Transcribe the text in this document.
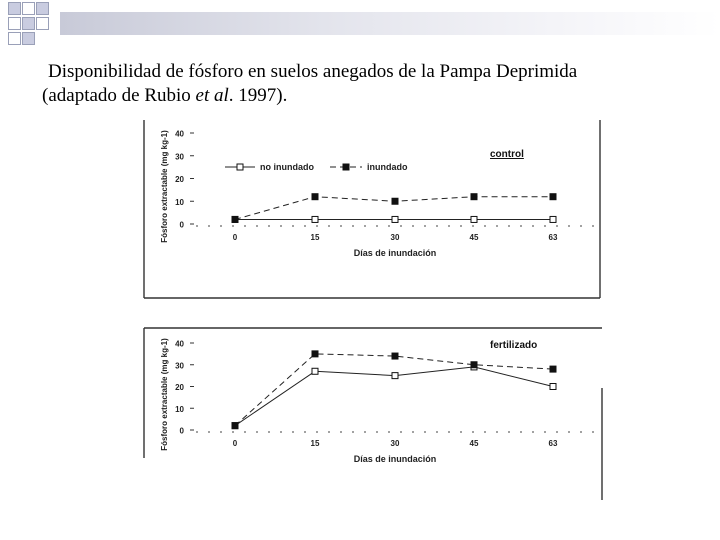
Disponibilidad de fósforo en suelos anegados de la Pampa Deprimida
(adaptado de Rubio et al. 1997).
40
30
20
10
0
0	15	30	45	63
Días de inundación
Fósforo extractable (mg kg-1)	control
no inundado	inundado
40
30
20
10
0
0	15	30	45	63
Días de inundación
Fósforo extractable (mg kg-1)	fertilizado
